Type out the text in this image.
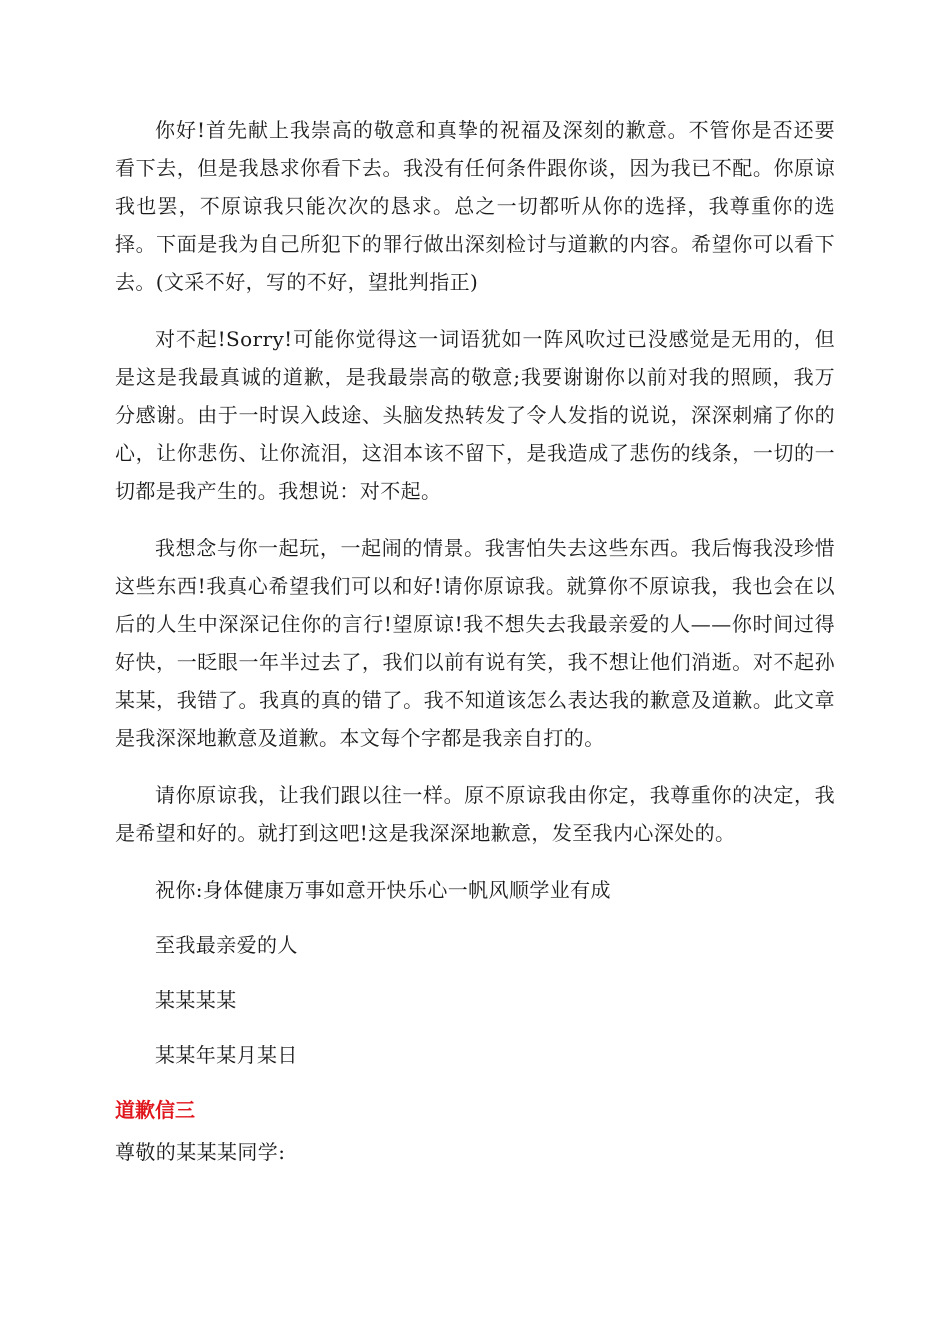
你好!首先献上我崇高的敬意和真挚的祝福及深刻的歉意。不管你是否还要看下去，但是我恳求你看下去。我没有任何条件跟你谈，因为我已不配。你原谅我也罢，不原谅我只能次次的恳求。总之一切都听从你的选择，我尊重你的选择。下面是我为自己所犯下的罪行做出深刻检讨与道歉的内容。希望你可以看下去。(文采不好，写的不好，望批判指正)

对不起!Sorry!可能你觉得这一词语犹如一阵风吹过已没感觉是无用的，但是这是我最真诚的道歉，是我最崇高的敬意;我要谢谢你以前对我的照顾，我万分感谢。由于一时误入歧途、头脑发热转发了令人发指的说说，深深刺痛了你的心，让你悲伤、让你流泪，这泪本该不留下，是我造成了悲伤的线条，一切的一切都是我产生的。我想说：对不起。

我想念与你一起玩，一起闹的情景。我害怕失去这些东西。我后悔我没珍惜这些东西!我真心希望我们可以和好!请你原谅我。就算你不原谅我，我也会在以后的人生中深深记住你的言行!望原谅!我不想失去我最亲爱的人——你时间过得好快，一眨眼一年半过去了，我们以前有说有笑，我不想让他们消逝。对不起孙某某，我错了。我真的真的错了。我不知道该怎么表达我的歉意及道歉。此文章是我深深地歉意及道歉。本文每个字都是我亲自打的。

请你原谅我，让我们跟以往一样。原不原谅我由你定，我尊重你的决定，我是希望和好的。就打到这吧!这是我深深地歉意，发至我内心深处的。

祝你:身体健康万事如意开快乐心一帆风顺学业有成

至我最亲爱的人

某某某某

某某年某月某日

道歉信三

尊敬的某某某同学:
